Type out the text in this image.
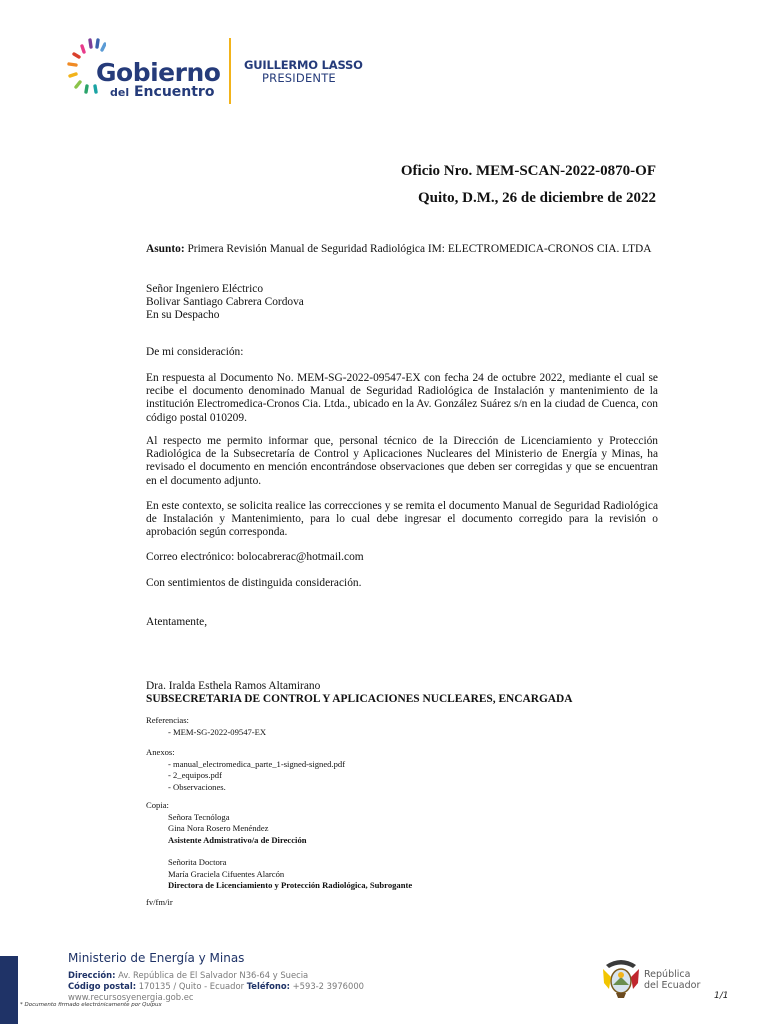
Gobierno
del Encuentro
GUILLERMO LASSO
PRESIDENTE
Oficio Nro. MEM-SCAN-2022-0870-OF
Quito, D.M., 26 de diciembre de 2022
Asunto: Primera Revisión Manual de Seguridad Radiológica IM: ELECTROMEDICA-CRONOS CIA. LTDA
Señor Ingeniero Eléctrico
Bolivar Santiago Cabrera Cordova
En su Despacho
De mi consideración:
En respuesta al Documento No. MEM-SG-2022-09547-EX con fecha 24 de octubre 2022, mediante el cual se recibe el documento denominado Manual de Seguridad Radiológica de Instalación y mantenimiento de la institución Electromedica-Cronos Cia. Ltda., ubicado en la Av. González Suárez s/n en la ciudad de Cuenca, con código postal 010209.
Al respecto me permito informar que, personal técnico de la Dirección de Licenciamiento y Protección Radiológica de la Subsecretaría de Control y Aplicaciones Nucleares del Ministerio de Energía y Minas, ha revisado el documento en mención encontrándose observaciones que deben ser corregidas y que se encuentran en el documento adjunto.
En este contexto, se solicita realice las correcciones y se remita el documento Manual de Seguridad Radiológica de Instalación y Mantenimiento, para lo cual debe ingresar el documento corregido para la revisión o aprobación según corresponda.
Correo electrónico: bolocabrerac@hotmail.com
Con sentimientos de distinguida consideración.
Atentamente,
Dra. Iralda Esthela Ramos Altamirano
SUBSECRETARIA DE CONTROL Y APLICACIONES NUCLEARES, ENCARGADA
Referencias:
- MEM-SG-2022-09547-EX
Anexos:
- manual_electromedica_parte_1-signed-signed.pdf
- 2_equipos.pdf
- Observaciones.
Copia:
Señora Tecnóloga
Gina Nora Rosero Menéndez
Asistente Admistrativo/a de Dirección
Señorita Doctora
María Graciela Cifuentes Alarcón
Directora de Licenciamiento y Protección Radiológica, Subrogante
fv/fm/ir
Ministerio de Energía y Minas
Dirección: Av. República de El Salvador N36-64 y Suecia
Código postal: 170135 / Quito - Ecuador Teléfono: +593-2 3976000
www.recursosyenergia.gob.ec
* Documento firmado electrónicamente por Quipux
República
del Ecuador
1/1
